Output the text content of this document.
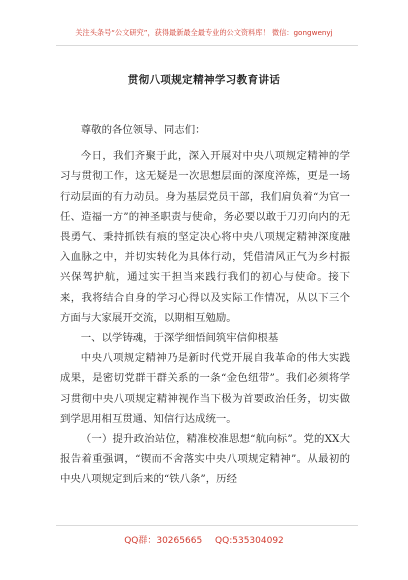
关注头条号“公文研究”，获得最新最全最专业的公文资料库！ 微信：gongwenyj
贯彻八项规定精神学习教育讲话

尊敬的各位领导、同志们：

今日，我们齐聚于此，深入开展对中央八项规定精神的学习与贯彻工作，这无疑是一次思想层面的深度淬炼，更是一场行动层面的有力动员。身为基层党员干部，我们肩负着“为官一任、造福一方”的神圣职责与使命，务必要以敢于刀刃向内的无畏勇气、秉持抓铁有痕的坚定决心将中央八项规定精神深度融入血脉之中，并切实转化为具体行动，凭借清风正气为乡村振兴保驾护航，通过实干担当来践行我们的初心与使命。接下来，我将结合自身的学习心得以及实际工作情况，从以下三个方面与大家展开交流，以期相互勉励。

一、以学铸魂，于深学细悟间筑牢信仰根基

中央八项规定精神乃是新时代党开展自我革命的伟大实践成果，是密切党群干群关系的一条“金色纽带”。我们必须将学习贯彻中央八项规定精神视作当下极为首要政治任务，切实做到学思用相互贯通、知信行达成统一。

（一）提升政治站位，精准校准思想“航向标”。党的XX大报告着重强调，“锲而不舍落实中央八项规定精神”。从最初的中央八项规定到后来的“铁八条”，历经

QQ群：30265665 QQ:535304092
